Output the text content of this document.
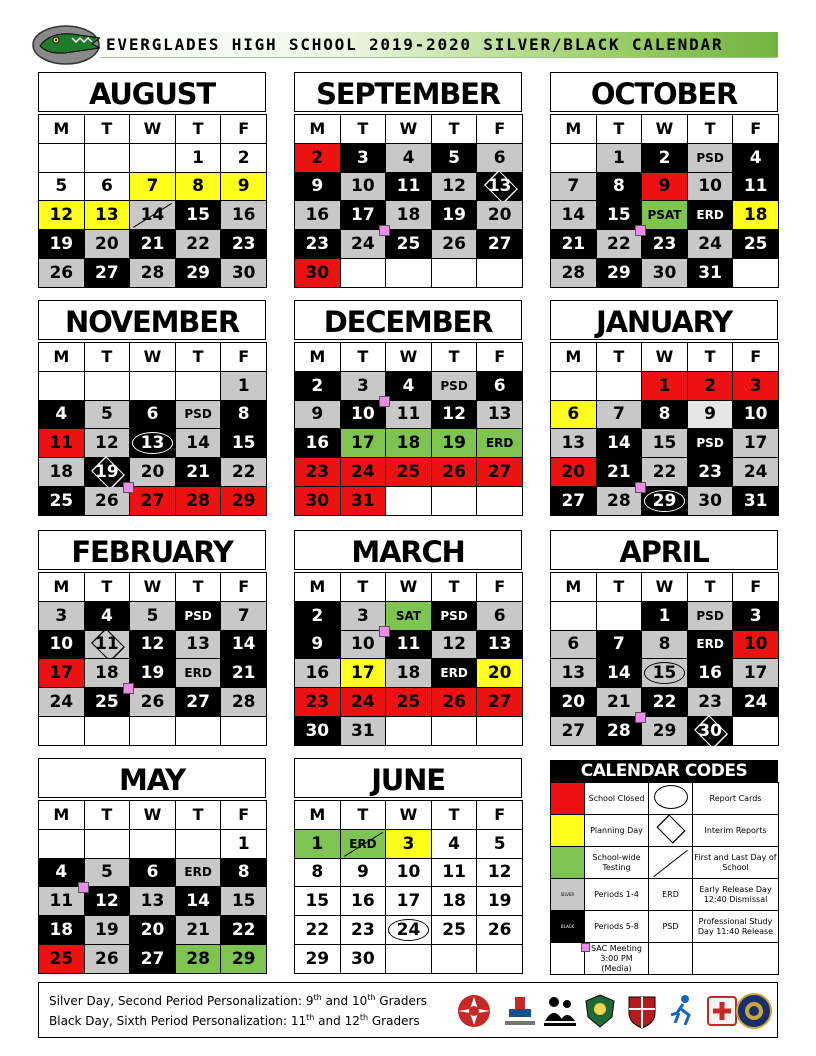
EVERGLADES HIGH SCHOOL 2019-2020 SILVER/BLACK CALENDAR
AUGUST
M	T	W	T	F
			1	2
5	6	7	8	9
12	13	14	15	16
19	20	21	22	23
26	27	28	29	30
SEPTEMBER
M	T	W	T	F
2	3	4	5	6
9	10	11	12	13
16	17	18	19	20
23	24	25	26	27
30				
OCTOBER
M	T	W	T	F
	1	2	PSD	4
7	8	9	10	11
14	15	PSAT	ERD	18
21	22	23	24	25
28	29	30	31	
NOVEMBER
M	T	W	T	F
				1
4	5	6	PSD	8
11	12	13	14	15
18	19	20	21	22
25	26	27	28	29
DECEMBER
M	T	W	T	F
2	3	4	PSD	6
9	10	11	12	13
16	17	18	19	ERD
23	24	25	26	27
30	31			
JANUARY
M	T	W	T	F
		1	2	3
6	7	8	9	10
13	14	15	PSD	17
20	21	22	23	24
27	28	29	30	31
FEBRUARY
M	T	W	T	F
3	4	5	PSD	7
10	11	12	13	14
17	18	19	ERD	21
24	25	26	27	28

MARCH
M	T	W	T	F
2	3	SAT	PSD	6
9	10	11	12	13
16	17	18	ERD	20
23	24	25	26	27
30	31			
APRIL
M	T	W	T	F
		1	PSD	3
6	7	8	ERD	10
13	14	15	16	17
20	21	22	23	24
27	28	29	30	
MAY
M	T	W	T	F
				1
4	5	6	ERD	8
11	12	13	14	15
18	19	20	21	22
25	26	27	28	29
JUNE
M	T	W	T	F
1	ERD	3	4	5
8	9	10	11	12
15	16	17	18	19
22	23	24	25	26
29	30			
CALENDAR CODES
	School Closed		Report Cards
	Planning Day		Interim Reports
	School-wide Testing		First and Last Day of School
SILVER	Periods 1-4	ERD	Early Release Day 12:40 Dismissal
BLACK	Periods 5-8	PSD	Professional Study Day 11:40 Release

	SAC Meeting 3:00 PM (Media)		
Silver Day, Second Period Personalization: 9th and 10th Graders
Black Day, Sixth Period Personalization: 11th and 12th Graders
